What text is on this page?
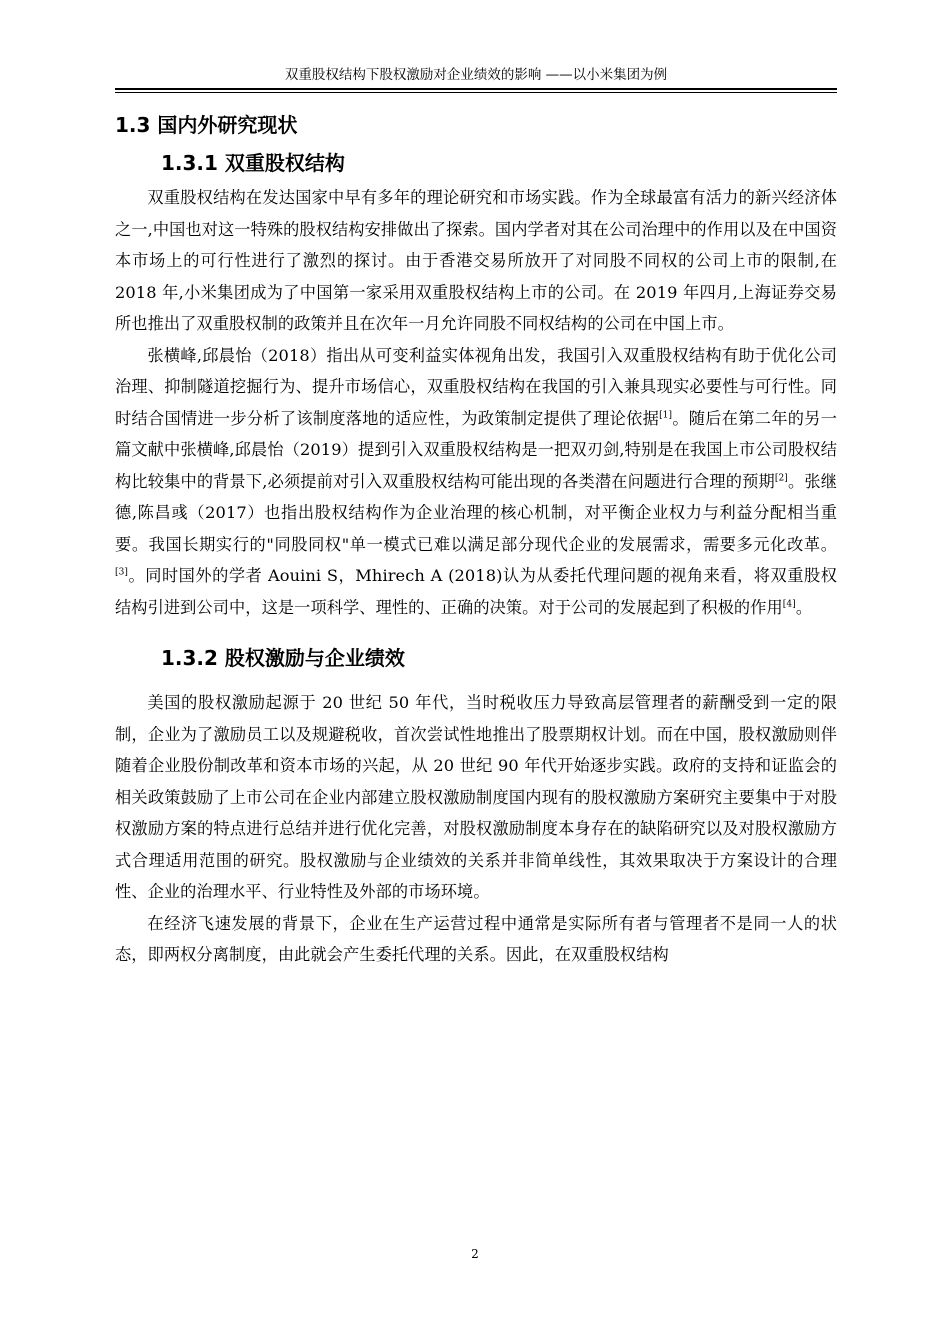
双重股权结构下股权激励对企业绩效的影响 ——以小米集团为例
1.3 国内外研究现状
1.3.1 双重股权结构

双重股权结构在发达国家中早有多年的理论研究和市场实践。作为全球最富有活力的新兴经济体之一,中国也对这一特殊的股权结构安排做出了探索。国内学者对其在公司治理中的作用以及在中国资本市场上的可行性进行了激烈的探讨。由于香港交易所放开了对同股不同权的公司上市的限制,在 2018 年,小米集团成为了中国第一家采用双重股权结构上市的公司。在 2019 年四月,上海证券交易所也推出了双重股权制的政策并且在次年一月允许同股不同权结构的公司在中国上市。

张横峰,邱晨怡（2018）指出从可变利益实体视角出发，我国引入双重股权结构有助于优化公司治理、抑制隧道挖掘行为、提升市场信心，双重股权结构在我国的引入兼具现实必要性与可行性。同时结合国情进一步分析了该制度落地的适应性，为政策制定提供了理论依据[1]。随后在第二年的另一篇文献中张横峰,邱晨怡（2019）提到引入双重股权结构是一把双刃剑,特别是在我国上市公司股权结构比较集中的背景下,必须提前对引入双重股权结构可能出现的各类潜在问题进行合理的预期[2]。张继德,陈昌彧（2017）也指出股权结构作为企业治理的核心机制，对平衡企业权力与利益分配相当重要。我国长期实行的"同股同权"单一模式已难以满足部分现代企业的发展需求，需要多元化改革。[3]。同时国外的学者 Aouini S，Mhirech A (2018)认为从委托代理问题的视角来看，将双重股权结构引进到公司中，这是一项科学、理性的、正确的决策。对于公司的发展起到了积极的作用[4]。

1.3.2 股权激励与企业绩效

美国的股权激励起源于 20 世纪 50 年代，当时税收压力导致高层管理者的薪酬受到一定的限制，企业为了激励员工以及规避税收，首次尝试性地推出了股票期权计划。而在中国，股权激励则伴随着企业股份制改革和资本市场的兴起，从 20 世纪 90 年代开始逐步实践。政府的支持和证监会的相关政策鼓励了上市公司在企业内部建立股权激励制度国内现有的股权激励方案研究主要集中于对股权激励方案的特点进行总结并进行优化完善，对股权激励制度本身存在的缺陷研究以及对股权激励方式合理适用范围的研究。股权激励与企业绩效的关系并非简单线性，其效果取决于方案设计的合理性、企业的治理水平、行业特性及外部的市场环境。

在经济飞速发展的背景下，企业在生产运营过程中通常是实际所有者与管理者不是同一人的状态，即两权分离制度，由此就会产生委托代理的关系。因此，在双重股权结构

2
